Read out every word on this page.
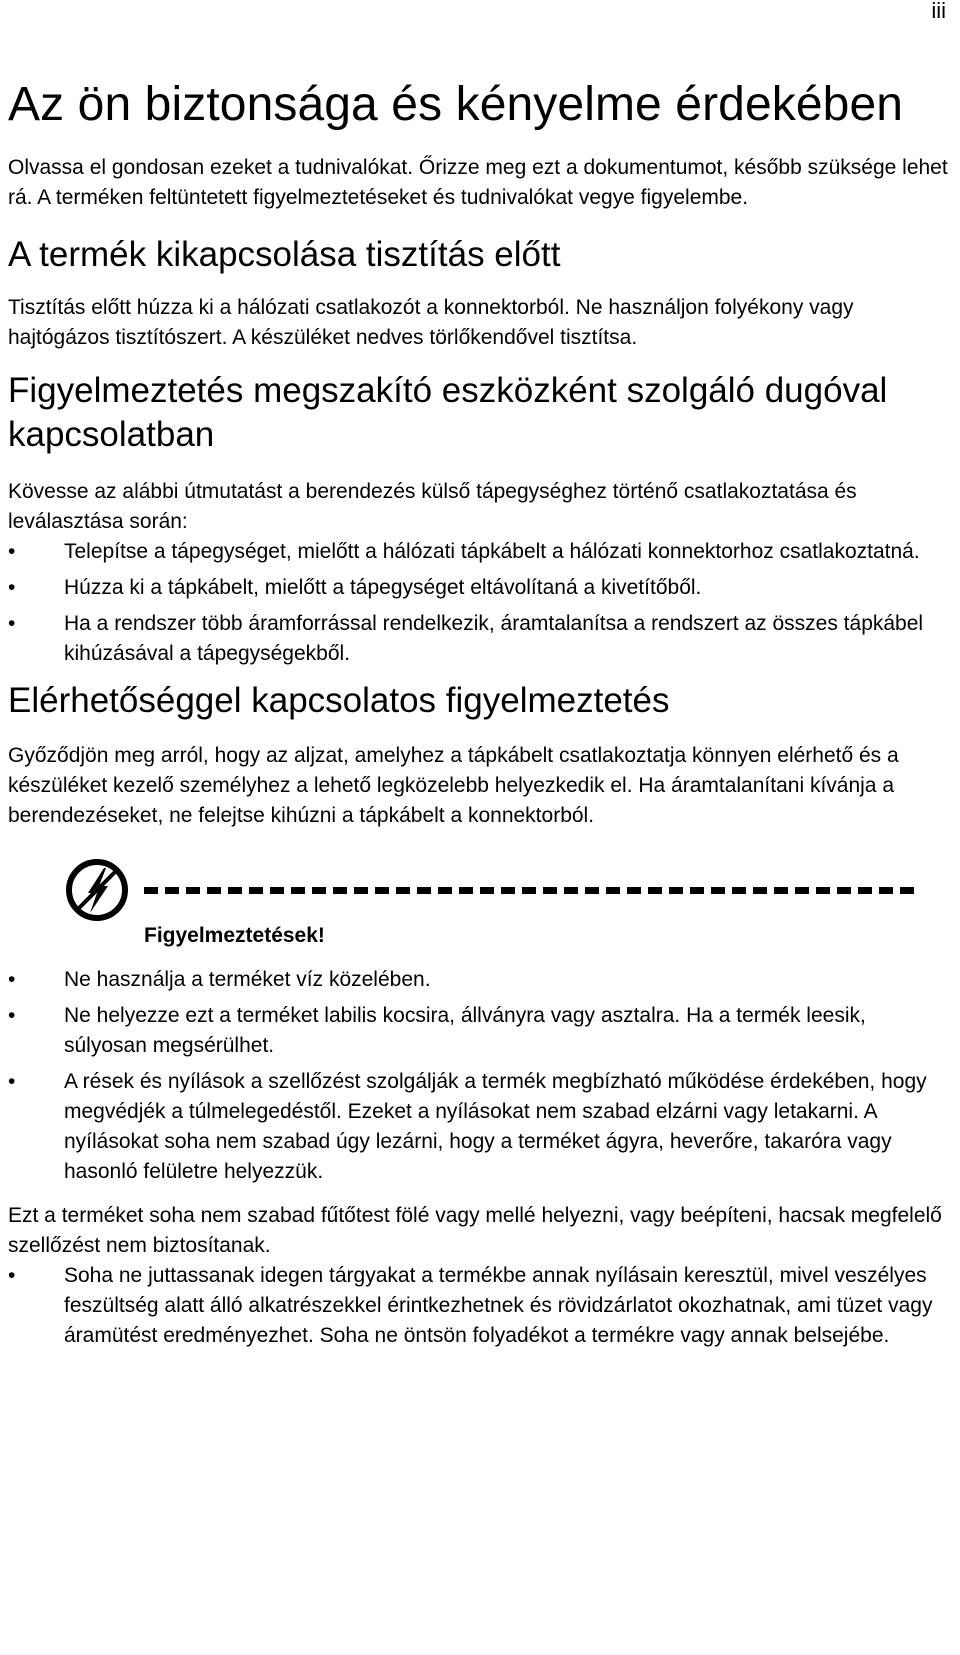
iii
Az ön biztonsága és kényelme érdekében

Olvassa el gondosan ezeket a tudnivalókat. Őrizze meg ezt a dokumentumot, később szüksége lehet rá. A terméken feltüntetett figyelmeztetéseket és tudnivalókat vegye figyelembe.

A termék kikapcsolása tisztítás előtt

Tisztítás előtt húzza ki a hálózati csatlakozót a konnektorból. Ne használjon folyékony vagy hajtógázos tisztítószert. A készüléket nedves törlőkendővel tisztítsa.

Figyelmeztetés megszakító eszközként szolgáló dugóval kapcsolatban

Kövesse az alábbi útmutatást a berendezés külső tápegységhez történő csatlakoztatása és leválasztása során:

• Telepítse a tápegységet, mielőtt a hálózati tápkábelt a hálózati konnektorhoz csatlakoztatná.
• Húzza ki a tápkábelt, mielőtt a tápegységet eltávolítaná a kivetítőből.
• Ha a rendszer több áramforrással rendelkezik, áramtalanítsa a rendszert az összes tápkábel kihúzásával a tápegységekből.
Elérhetőséggel kapcsolatos figyelmeztetés

Győződjön meg arról, hogy az aljzat, amelyhez a tápkábelt csatlakoztatja könnyen elérhető és a készüléket kezelő személyhez a lehető legközelebb helyezkedik el. Ha áramtalanítani kívánja a berendezéseket, ne felejtse kihúzni a tápkábelt a konnektorból.

Figyelmeztetések!
• Ne használja a terméket víz közelében.
• Ne helyezze ezt a terméket labilis kocsira, állványra vagy asztalra. Ha a termék leesik, súlyosan megsérülhet.
• A rések és nyílások a szellőzést szolgálják a termék megbízható működése érdekében, hogy megvédjék a túlmelegedéstől. Ezeket a nyílásokat nem szabad elzárni vagy letakarni. A nyílásokat soha nem szabad úgy lezárni, hogy a terméket ágyra, heverőre, takaróra vagy hasonló felületre helyezzük.

Ezt a terméket soha nem szabad fűtőtest fölé vagy mellé helyezni, vagy beépíteni, hacsak megfelelő szellőzést nem biztosítanak.

• Soha ne juttassanak idegen tárgyakat a termékbe annak nyílásain keresztül, mivel veszélyes feszültség alatt álló alkatrészekkel érintkezhetnek és rövidzárlatot okozhatnak, ami tüzet vagy áramütést eredményezhet. Soha ne öntsön folyadékot a termékre vagy annak belsejébe.
